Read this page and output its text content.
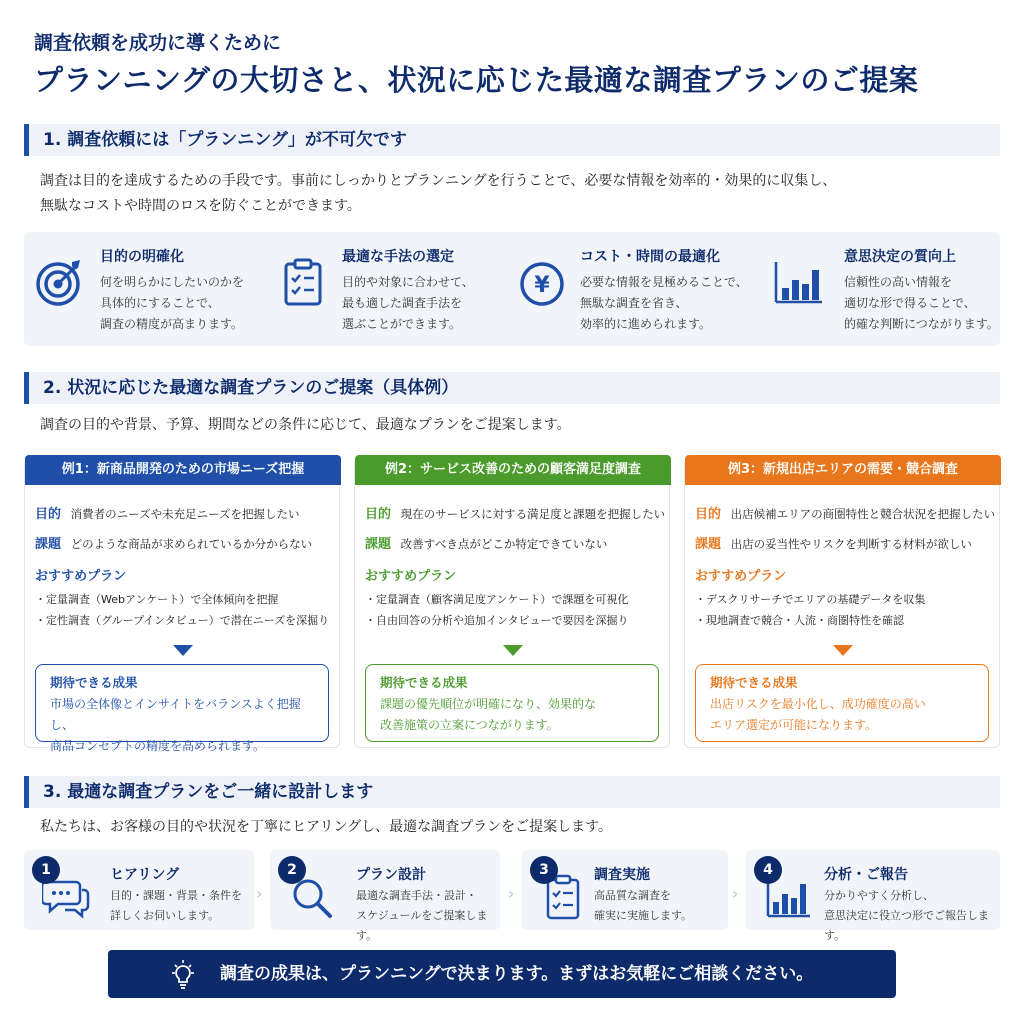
調査依頼を成功に導くために
プランニングの大切さと、状況に応じた最適な調査プランのご提案
1. 調査依頼には「プランニング」が不可欠です
調査は目的を達成するための手段です。事前にしっかりとプランニングを行うことで、必要な情報を効率的・効果的に収集し、
無駄なコストや時間のロスを防ぐことができます。
目的の明確化
何を明らかにしたいのかを
具体的にすることで、
調査の精度が高まります。
最適な手法の選定
目的や対象に合わせて、
最も適した調査手法を
選ぶことができます。
¥
コスト・時間の最適化
必要な情報を見極めることで、
無駄な調査を省き、
効率的に進められます。
意思決定の質向上
信頼性の高い情報を
適切な形で得ることで、
的確な判断につながります。
2. 状況に応じた最適な調査プランのご提案（具体例）
調査の目的や背景、予算、期間などの条件に応じて、最適なプランをご提案します。
例1：新商品開発のための市場ニーズ把握
目的 消費者のニーズや未充足ニーズを把握したい
課題 どのような商品が求められているか分からない
おすすめプラン
・定量調査（Webアンケート）で全体傾向を把握
・定性調査（グループインタビュー）で潜在ニーズを深掘り
期待できる成果
市場の全体像とインサイトをバランスよく把握し、
商品コンセプトの精度を高められます。
例2：サービス改善のための顧客満足度調査
目的 現在のサービスに対する満足度と課題を把握したい
課題 改善すべき点がどこか特定できていない
おすすめプラン
・定量調査（顧客満足度アンケート）で課題を可視化
・自由回答の分析や追加インタビューで要因を深掘り
期待できる成果
課題の優先順位が明確になり、効果的な
改善施策の立案につながります。
例3：新規出店エリアの需要・競合調査
目的 出店候補エリアの商圏特性と競合状況を把握したい
課題 出店の妥当性やリスクを判断する材料が欲しい
おすすめプラン
・デスクリサーチでエリアの基礎データを収集
・現地調査で競合・人流・商圏特性を確認
期待できる成果
出店リスクを最小化し、成功確度の高い
エリア選定が可能になります。
3. 最適な調査プランをご一緒に設計します
私たちは、お客様の目的や状況を丁寧にヒアリングし、最適な調査プランをご提案します。
1	ヒアリング
目的・課題・背景・条件を
詳しくお伺いします。
›
2	プラン設計
最適な調査手法・設計・
スケジュールをご提案します。
›
3	調査実施
高品質な調査を
確実に実施します。
›
4	分析・ご報告
分かりやすく分析し、
意思決定に役立つ形でご報告します。
調査の成果は、プランニングで決まります。まずはお気軽にご相談ください。
